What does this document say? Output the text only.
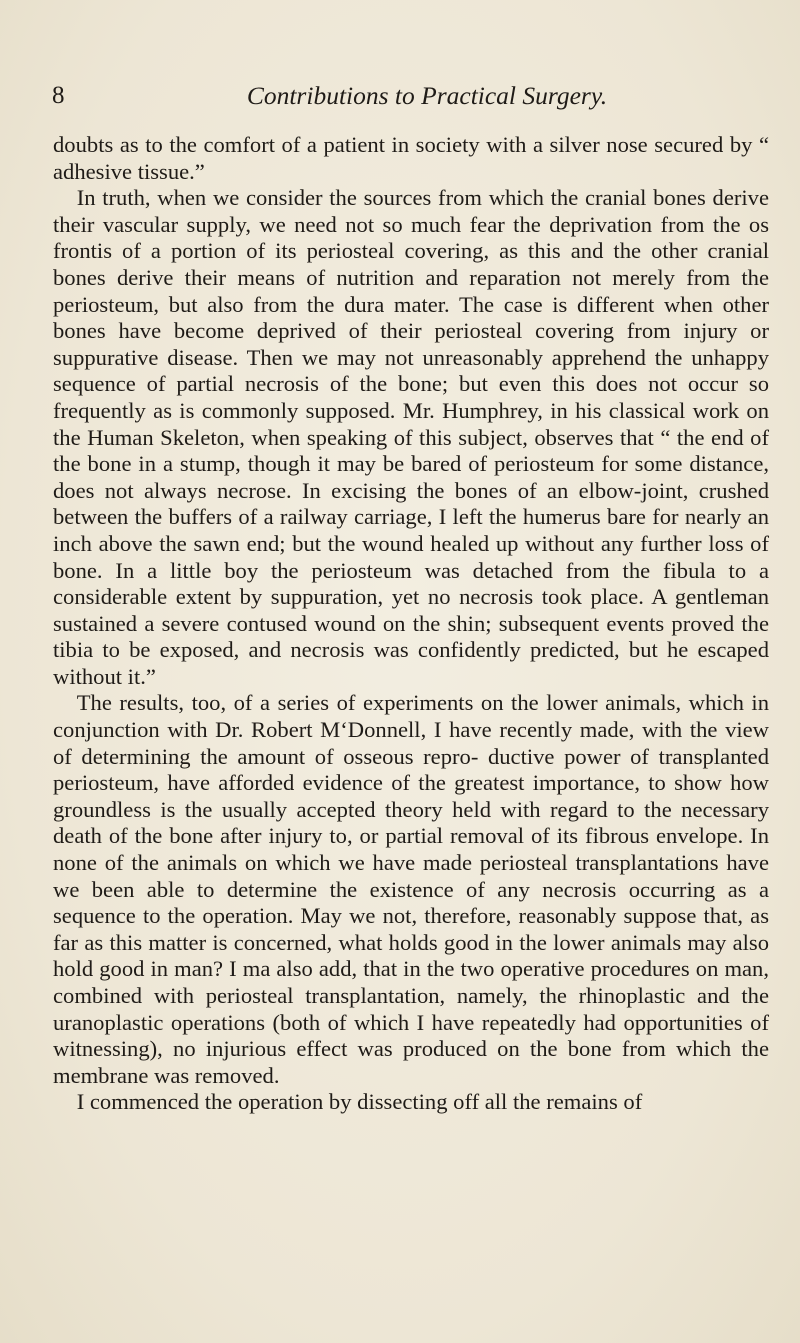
8	Contributions to Practical Surgery.

doubts as to the comfort of a patient in society with a silver nose secured by “ adhesive tissue.”

In truth, when we consider the sources from which the cranial bones derive their vascular supply, we need not so much fear the deprivation from the os frontis of a portion of its periosteal covering, as this and the other cranial bones derive their means of nutrition and reparation not merely from the periosteum, but also from the dura mater. The case is different when other bones have become deprived of their periosteal covering from injury or suppurative disease. Then we may not unreasonably apprehend the unhappy sequence of partial necrosis of the bone; but even this does not occur so frequently as is commonly supposed. Mr. Humphrey, in his classical work on the Human Skeleton, when speaking of this subject, observes that “ the end of the bone in a stump, though it may be bared of periosteum for some distance, does not always necrose. In excising the bones of an elbow-joint, crushed between the buffers of a railway carriage, I left the humerus bare for nearly an inch above the sawn end; but the wound healed up without any further loss of bone. In a little boy the periosteum was detached from the fibula to a considerable extent by suppuration, yet no necrosis took place. A gentleman sustained a severe contused wound on the shin; subsequent events proved the tibia to be exposed, and necrosis was confidently predicted, but he escaped without it.”

The results, too, of a series of experiments on the lower animals, which in conjunction with Dr. Robert M‘Donnell, I have recently made, with the view of determining the amount of osseous repro- ductive power of transplanted periosteum, have afforded evidence of the greatest importance, to show how groundless is the usually accepted theory held with regard to the necessary death of the bone after injury to, or partial removal of its fibrous envelope. In none of the animals on which we have made periosteal transplantations have we been able to determine the existence of any necrosis occurring as a sequence to the operation. May we not, therefore, reasonably suppose that, as far as this matter is concerned, what holds good in the lower animals may also hold good in man? I ma also add, that in the two operative procedures on man, combined with periosteal transplantation, namely, the rhinoplastic and the uranoplastic operations (both of which I have repeatedly had opportunities of witnessing), no injurious effect was produced on the bone from which the membrane was removed.

I commenced the operation by dissecting off all the remains of
